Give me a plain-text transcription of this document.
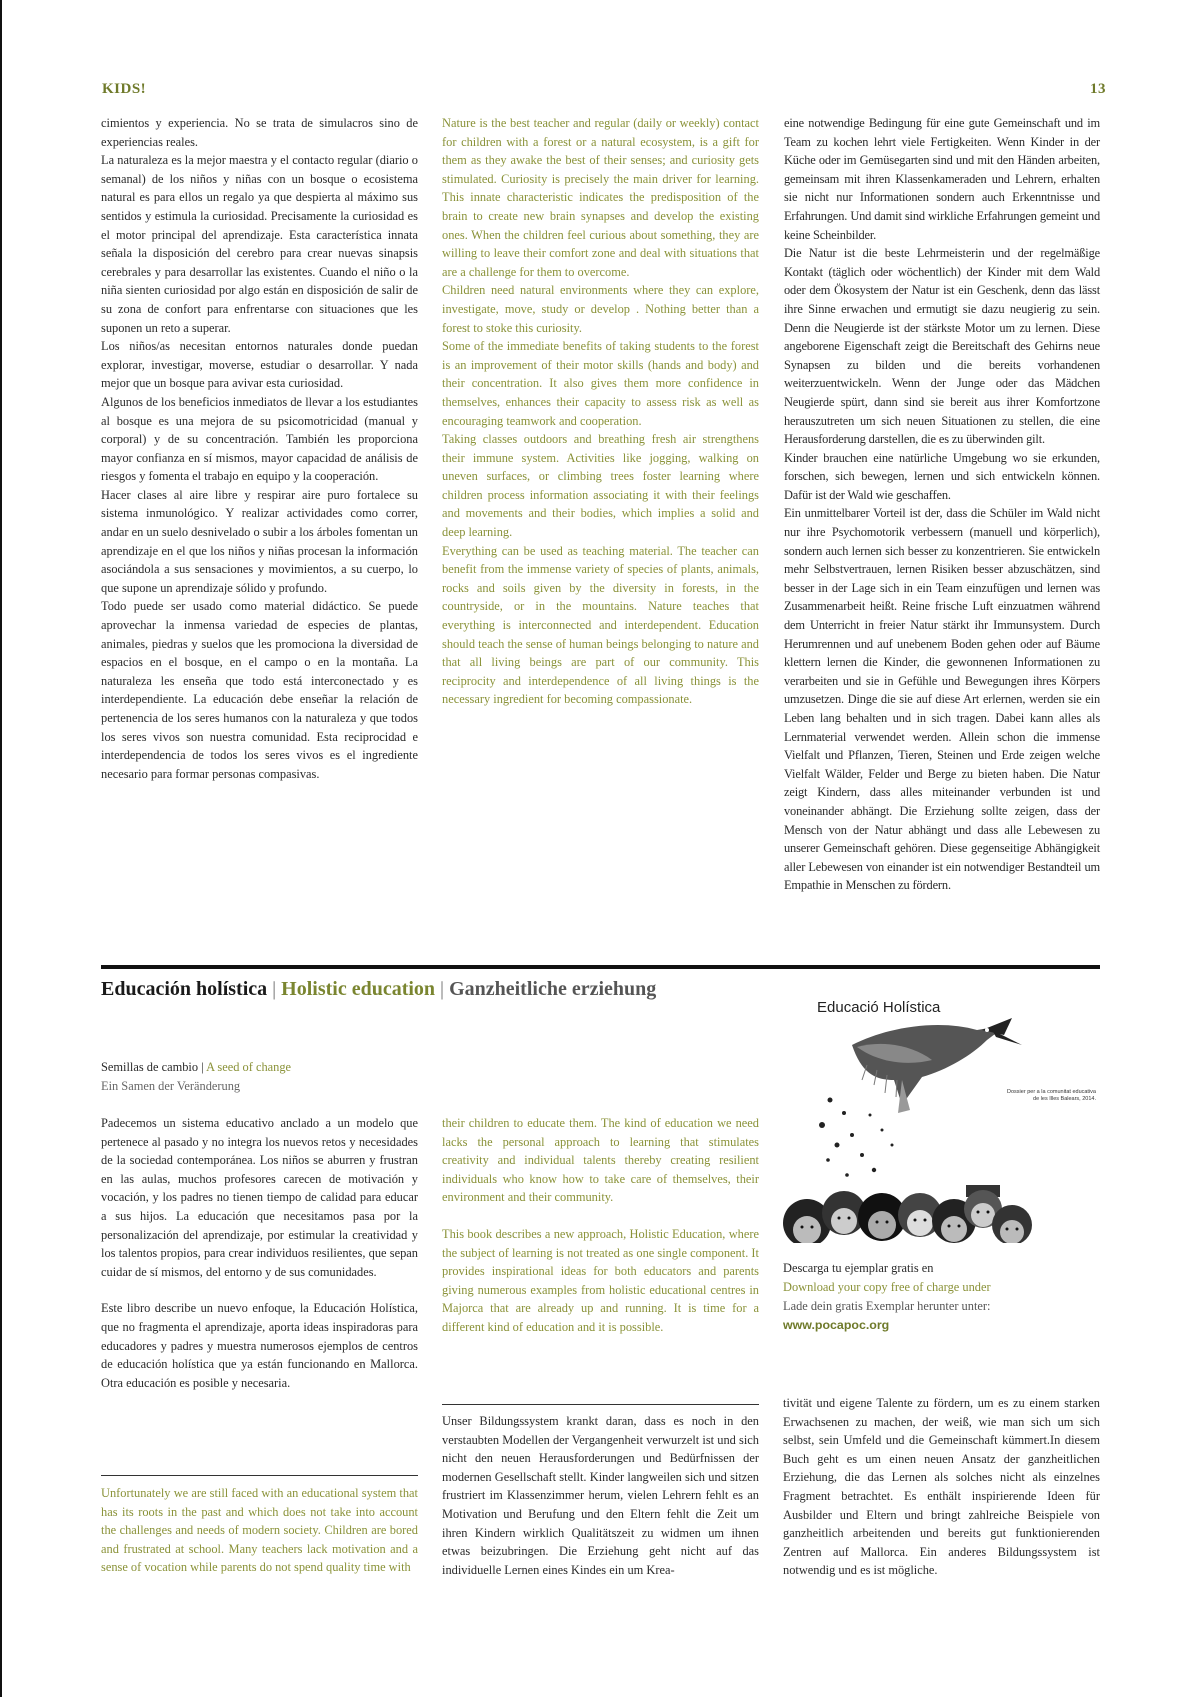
KIDS!	13

cimientos y experiencia. No se trata de simulacros sino de experiencias reales.

La naturaleza es la mejor maestra y el contacto regular (diario o semanal) de los niños y niñas con un bosque o ecosistema natural es para ellos un regalo ya que despierta al máximo sus sentidos y estimula la curiosidad. Precisamente la curiosidad es el motor principal del aprendizaje. Esta característica innata señala la disposición del cerebro para crear nuevas sinapsis cerebrales y para desarrollar las existentes. Cuando el niño o la niña sienten curiosidad por algo están en disposición de salir de su zona de confort para enfrentarse con situaciones que les suponen un reto a superar.

Los niños/as necesitan entornos naturales donde puedan explorar, investigar, moverse, estudiar o desarrollar. Y nada mejor que un bosque para avivar esta curiosidad.

Algunos de los beneficios inmediatos de llevar a los estudiantes al bosque es una mejora de su psicomotricidad (manual y corporal) y de su concentración. También les proporciona mayor confianza en sí mismos, mayor capacidad de análisis de riesgos y fomenta el trabajo en equipo y la cooperación.

Hacer clases al aire libre y respirar aire puro fortalece su sistema inmunológico. Y realizar actividades como correr, andar en un suelo desnivelado o subir a los árboles fomentan un aprendizaje en el que los niños y niñas procesan la información asociándola a sus sensaciones y movimientos, a su cuerpo, lo que supone un aprendizaje sólido y profundo.

Todo puede ser usado como material didáctico. Se puede aprovechar la inmensa variedad de especies de plantas, animales, piedras y suelos que les promociona la diversidad de espacios en el bosque, en el campo o en la montaña. La naturaleza les enseña que todo está interconectado y es interdependiente. La educación debe enseñar la relación de pertenencia de los seres humanos con la naturaleza y que todos los seres vivos son nuestra comunidad. Esta reciprocidad e interdependencia de todos los seres vivos es el ingrediente necesario para formar personas compasivas.

Nature is the best teacher and regular (daily or weekly) contact for children with a forest or a natural ecosystem, is a gift for them as they awake the best of their senses; and curiosity gets stimulated. Curiosity is precisely the main driver for learning. This innate characteristic indicates the predisposition of the brain to create new brain synapses and develop the existing ones. When the children feel curious about something, they are willing to leave their comfort zone and deal with situations that are a challenge for them to overcome.

Children need natural environments where they can explore, investigate, move, study or develop . Nothing better than a forest to stoke this curiosity.

Some of the immediate benefits of taking students to the forest is an improvement of their motor skills (hands and body) and their concentration. It also gives them more confidence in themselves, enhances their capacity to assess risk as well as encouraging teamwork and cooperation.

Taking classes outdoors and breathing fresh air strengthens their immune system. Activities like jogging, walking on uneven surfaces, or climbing trees foster learning where children process information associating it with their feelings and movements and their bodies, which implies a solid and deep learning.

Everything can be used as teaching material. The teacher can benefit from the immense variety of species of plants, animals, rocks and soils given by the diversity in forests, in the countryside, or in the mountains. Nature teaches that everything is interconnected and interdependent. Education should teach the sense of human beings belonging to nature and that all living beings are part of our community. This reciprocity and interdependence of all living things is the necessary ingredient for becoming compassionate.

eine notwendige Bedingung für eine gute Gemeinschaft und im Team zu kochen lehrt viele Fertigkeiten. Wenn Kinder in der Küche oder im Gemüsegarten sind und mit den Händen arbeiten, gemeinsam mit ihren Klassenkameraden und Lehrern, erhalten sie nicht nur Informationen sondern auch Erkenntnisse und Erfahrungen. Und damit sind wirkliche Erfahrungen gemeint und keine Scheinbilder.

Die Natur ist die beste Lehrmeisterin und der regelmäßige Kontakt (täglich oder wöchentlich) der Kinder mit dem Wald oder dem Ökosystem der Natur ist ein Geschenk, denn das lässt ihre Sinne erwachen und ermutigt sie dazu neugierig zu sein. Denn die Neugierde ist der stärkste Motor um zu lernen. Diese angeborene Eigenschaft zeigt die Bereitschaft des Gehirns neue Synapsen zu bilden und die bereits vorhandenen weiterzuentwickeln. Wenn der Junge oder das Mädchen Neugierde spürt, dann sind sie bereit aus ihrer Komfortzone herauszutreten um sich neuen Situationen zu stellen, die eine Herausforderung darstellen, die es zu überwinden gilt.

Kinder brauchen eine natürliche Umgebung wo sie erkunden, forschen, sich bewegen, lernen und sich entwickeln können. Dafür ist der Wald wie geschaffen.

Ein unmittelbarer Vorteil ist der, dass die Schüler im Wald nicht nur ihre Psychomotorik verbessern (manuell und körperlich), sondern auch lernen sich besser zu konzentrieren. Sie entwickeln mehr Selbstvertrauen, lernen Risiken besser abzuschätzen, sind besser in der Lage sich in ein Team einzufügen und lernen was Zusammenarbeit heißt. Reine frische Luft einzuatmen während dem Unterricht in freier Natur stärkt ihr Immunsystem. Durch Herumrennen und auf unebenem Boden gehen oder auf Bäume klettern lernen die Kinder, die gewonnenen Informationen zu verarbeiten und sie in Gefühle und Bewegungen ihres Körpers umzusetzen. Dinge die sie auf diese Art erlernen, werden sie ein Leben lang behalten und in sich tragen. Dabei kann alles als Lernmaterial verwendet werden. Allein schon die immense Vielfalt und Pflanzen, Tieren, Steinen und Erde zeigen welche Vielfalt Wälder, Felder und Berge zu bieten haben. Die Natur zeigt Kindern, dass alles miteinander verbunden ist und voneinander abhängt. Die Erziehung sollte zeigen, dass der Mensch von der Natur abhängt und dass alle Lebewesen zu unserer Gemeinschaft gehören. Diese gegenseitige Abhängigkeit aller Lebewesen von einander ist ein notwendiger Bestandteil um Empathie in Menschen zu fördern.

Educación holística | Holistic education | Ganzheitliche erziehung
Semillas de cambio | A seed of change
Ein Samen der Veränderung

Padecemos un sistema educativo anclado a un modelo que pertenece al pasado y no integra los nuevos retos y necesidades de la sociedad contemporánea. Los niños se aburren y frustran en las aulas, muchos profesores carecen de motivación y vocación, y los padres no tienen tiempo de calidad para educar a sus hijos. La educación que necesitamos pasa por la personalización del aprendizaje, por estimular la creatividad y los talentos propios, para crear individuos resilientes, que sepan cuidar de sí mismos, del entorno y de sus comunidades.

Este libro describe un nuevo enfoque, la Educación Holística, que no fragmenta el aprendizaje, aporta ideas inspiradoras para educadores y padres y muestra numerosos ejemplos de centros de educación holística que ya están funcionando en Mallorca. Otra educación es posible y necesaria.

Unfortunately we are still faced with an educational system that has its roots in the past and which does not take into account the challenges and needs of modern society. Children are bored and frustrated at school. Many teachers lack motivation and a sense of vocation while parents do not spend quality time with

their children to educate them. The kind of education we need lacks the personal approach to learning that stimulates creativity and individual talents thereby creating resilient individuals who know how to take care of themselves, their environment and their community.

This book describes a new approach, Holistic Education, where the subject of learning is not treated as one single component. It provides inspirational ideas for both educators and parents giving numerous examples from holistic educational centres in Majorca that are already up and running. It is time for a different kind of education and it is possible.

Unser Bildungssystem krankt daran, dass es noch in den verstaubten Modellen der Vergangenheit verwurzelt ist und sich nicht den neuen Herausforderungen und Bedürfnissen der modernen Gesellschaft stellt. Kinder langweilen sich und sitzen frustriert im Klassenzimmer herum, vielen Lehrern fehlt es an Motivation und Berufung und den Eltern fehlt die Zeit um ihren Kindern wirklich Qualitätszeit zu widmen um ihnen etwas beizubringen. Die Erziehung geht nicht auf das individuelle Lernen eines Kindes ein um Krea-

tivität und eigene Talente zu fördern, um es zu einem starken Erwachsenen zu machen, der weiß, wie man sich um sich selbst, sein Umfeld und die Gemeinschaft kümmert.In diesem Buch geht es um einen neuen Ansatz der ganzheitlichen Erziehung, die das Lernen als solches nicht als einzelnes Fragment betrachtet. Es enthält inspirierende Ideen für Ausbilder und Eltern und bringt zahlreiche Beispiele von ganzheitlich arbeitenden und bereits gut funktionierenden Zentren auf Mallorca. Ein anderes Bildungssystem ist notwendig und es ist mögliche.

Educació Holística
Dossier per a la comunitat educativa de les Illes Balears, 2014.
Descarga tu ejemplar gratis en
Download your copy free of charge under
Lade dein gratis Exemplar herunter unter:
www.pocapoc.org
